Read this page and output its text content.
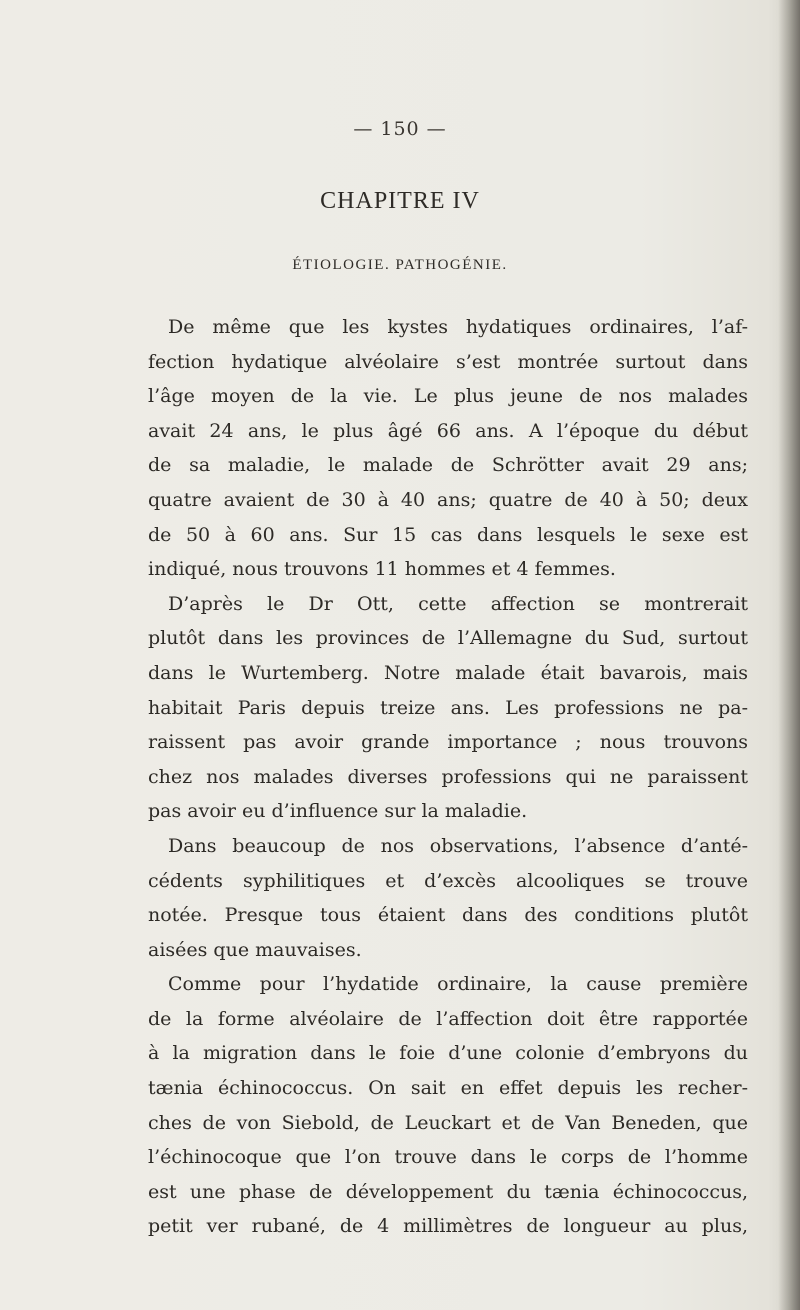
— 150 —
CHAPITRE IV
ÉTIOLOGIE. PATHOGÉNIE.
De même que les kystes hydatiques ordinaires, l’af-
fection hydatique alvéolaire s’est montrée surtout dans
l’âge moyen de la vie. Le plus jeune de nos malades
avait 24 ans, le plus âgé 66 ans. A l’époque du début
de sa maladie, le malade de Schrötter avait 29 ans;
quatre avaient de 30 à 40 ans; quatre de 40 à 50; deux
de 50 à 60 ans. Sur 15 cas dans lesquels le sexe est
indiqué, nous trouvons 11 hommes et 4 femmes.
D’après le Dr Ott, cette affection se montrerait
plutôt dans les provinces de l’Allemagne du Sud, surtout
dans le Wurtemberg. Notre malade était bavarois, mais
habitait Paris depuis treize ans. Les professions ne pa-
raissent pas avoir grande importance ; nous trouvons
chez nos malades diverses professions qui ne paraissent
pas avoir eu d’influence sur la maladie.
Dans beaucoup de nos observations, l’absence d’anté-
cédents syphilitiques et d’excès alcooliques se trouve
notée. Presque tous étaient dans des conditions plutôt
aisées que mauvaises.
Comme pour l’hydatide ordinaire, la cause première
de la forme alvéolaire de l’affection doit être rapportée
à la migration dans le foie d’une colonie d’embryons du
tænia échinococcus. On sait en effet depuis les recher-
ches de von Siebold, de Leuckart et de Van Beneden, que
l’échinocoque que l’on trouve dans le corps de l’homme
est une phase de développement du tænia échinococcus,
petit ver rubané, de 4 millimètres de longueur au plus,
